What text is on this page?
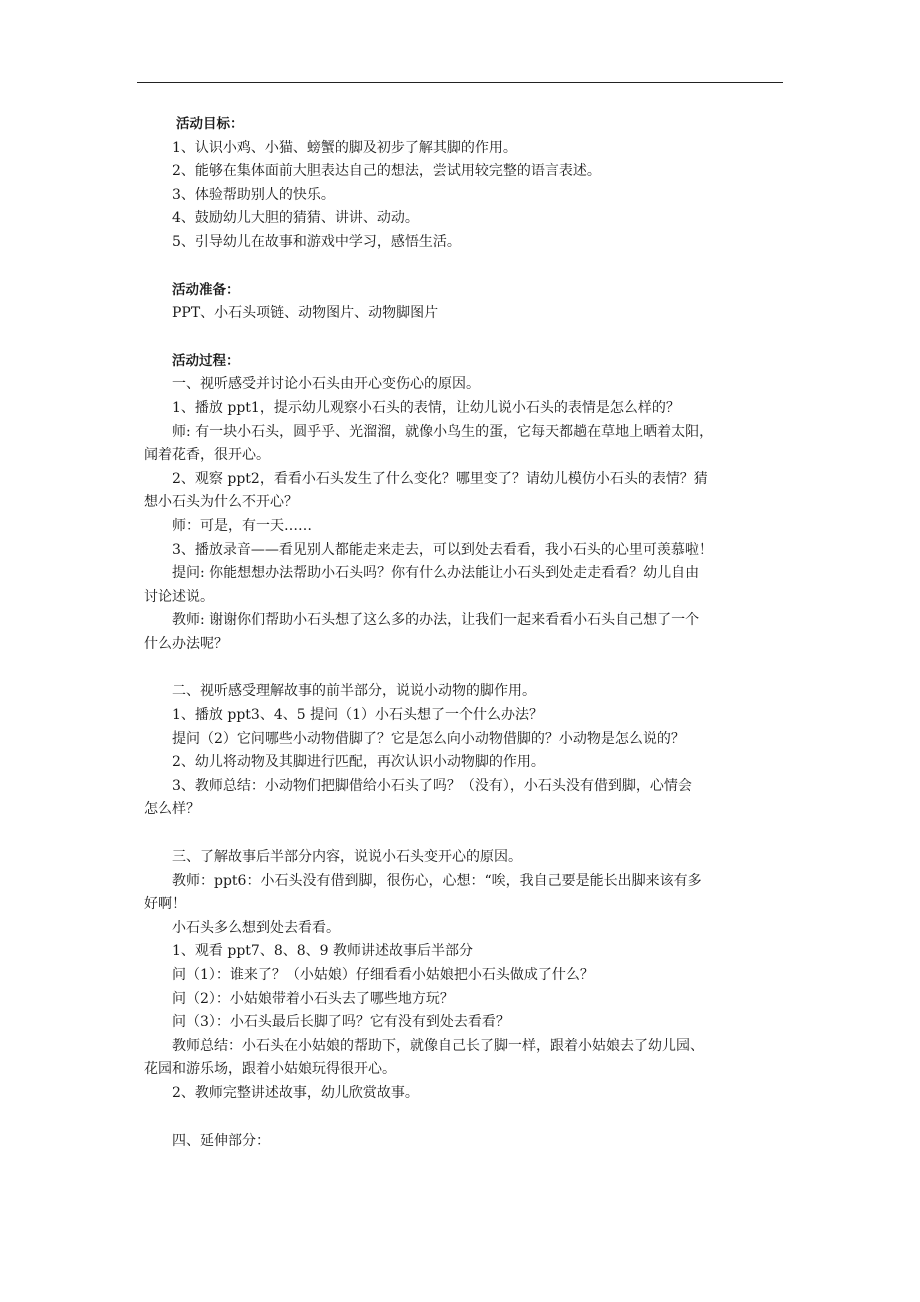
活动目标：
1、认识小鸡、小猫、螃蟹的脚及初步了解其脚的作用。
2、能够在集体面前大胆表达自己的想法，尝试用较完整的语言表述。
3、体验帮助别人的快乐。
4、鼓励幼儿大胆的猜猜、讲讲、动动。
5、引导幼儿在故事和游戏中学习，感悟生活。
活动准备：
PPT、小石头项链、动物图片、动物脚图片
活动过程：
一、视听感受并讨论小石头由开心变伤心的原因。
1、播放 ppt1，提示幼儿观察小石头的表情，让幼儿说小石头的表情是怎么样的？
师: 有一块小石头，圆乎乎、光溜溜，就像小鸟生的蛋，它每天都趟在草地上晒着太阳，
闻着花香，很开心。
2、观察 ppt2，看看小石头发生了什么变化？哪里变了？请幼儿模仿小石头的表情？猜
想小石头为什么不开心？
师：可是，有一天……
3、播放录音——看见别人都能走来走去，可以到处去看看，我小石头的心里可羡慕啦！
提问: 你能想想办法帮助小石头吗？你有什么办法能让小石头到处走走看看？幼儿自由
讨论述说。
教师: 谢谢你们帮助小石头想了这么多的办法，让我们一起来看看小石头自己想了一个
什么办法呢？
二、视听感受理解故事的前半部分，说说小动物的脚作用。
1、播放 ppt3、4、5 提问（1）小石头想了一个什么办法？
提问（2）它问哪些小动物借脚了？它是怎么向小动物借脚的？小动物是怎么说的？
2、幼儿将动物及其脚进行匹配，再次认识小动物脚的作用。
3、教师总结：小动物们把脚借给小石头了吗？（没有），小石头没有借到脚，心情会
怎么样？
三、了解故事后半部分内容，说说小石头变开心的原因。
教师：ppt6：小石头没有借到脚，很伤心，心想：“唉，我自己要是能长出脚来该有多
好啊！
小石头多么想到处去看看。
1、观看 ppt7、8、8、9 教师讲述故事后半部分
问（1）：谁来了？（小姑娘）仔细看看小姑娘把小石头做成了什么？
问（2）：小姑娘带着小石头去了哪些地方玩？
问（3）：小石头最后长脚了吗？它有没有到处去看看？
教师总结：小石头在小姑娘的帮助下，就像自己长了脚一样，跟着小姑娘去了幼儿园、
花园和游乐场，跟着小姑娘玩得很开心。
2、教师完整讲述故事，幼儿欣赏故事。
四、延伸部分：
